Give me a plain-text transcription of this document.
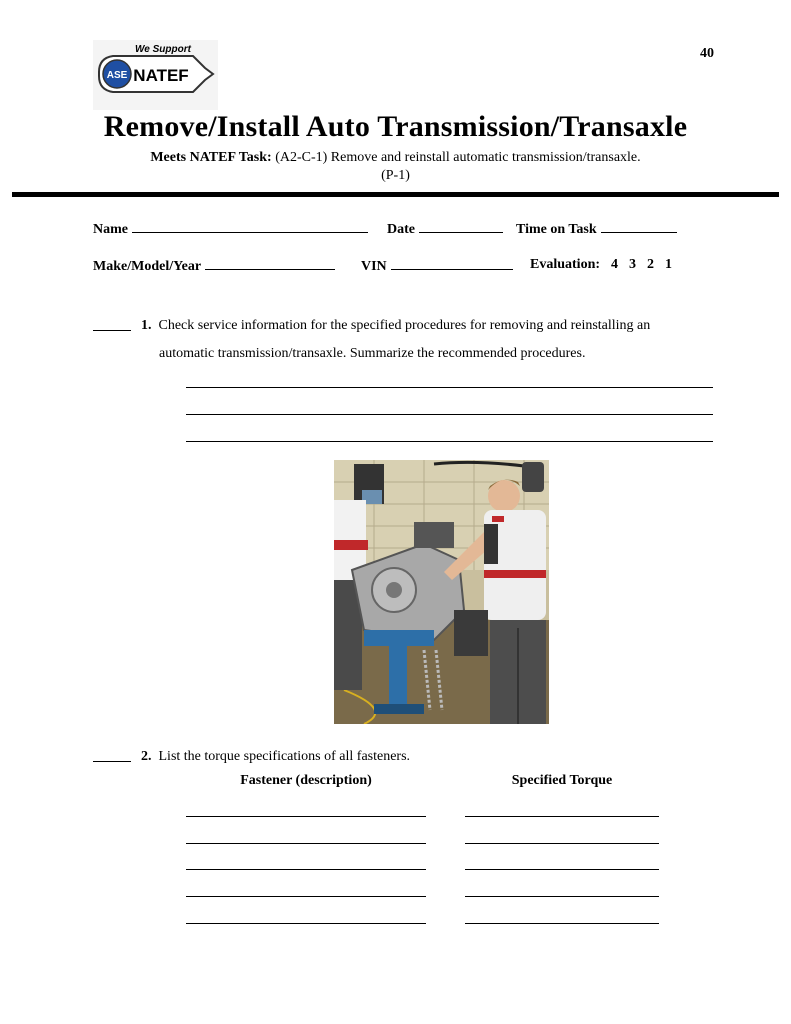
40
ASE NATEF
We Support
Remove/Install Auto Transmission/Transaxle
Meets NATEF Task: (A2-C-1) Remove and reinstall automatic transmission/transaxle.
(P-1)
Name	Date	Time on Task
Make/Model/Year	VIN	Evaluation: 4 3 2 1
1. Check service information for the specified procedures for removing and reinstalling an
automatic transmission/transaxle. Summarize the recommended procedures.
2. List the torque specifications of all fasteners.
Fastener (description)	Specified Torque
